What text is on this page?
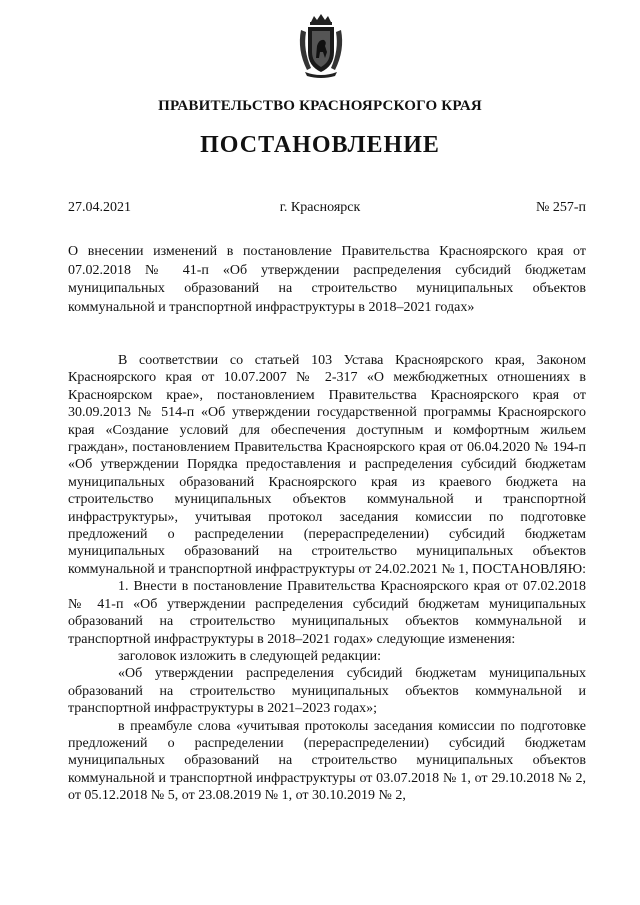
ПРАВИТЕЛЬСТВО КРАСНОЯРСКОГО КРАЯ
ПОСТАНОВЛЕНИЕ
27.04.2021	г. Красноярск	№ 257-п
О внесении изменений в постановление Правительства Красноярского края от 07.02.2018 № 41-п «Об утверждении распределения субсидий бюджетам муниципальных образований на строительство муниципальных объектов коммунальной и транспортной инфраструктуры в 2018–2021 годах»

В соответствии со статьей 103 Устава Красноярского края, Законом Красноярского края от 10.07.2007 № 2-317 «О межбюджетных отношениях в Красноярском крае», постановлением Правительства Красноярского края от 30.09.2013 № 514-п «Об утверждении государственной программы Красноярского края «Создание условий для обеспечения доступным и комфортным жильем граждан», постановлением Правительства Красноярского края от 06.04.2020 № 194-п «Об утверждении Порядка предоставления и распределения субсидий бюджетам муниципальных образований Красноярского края из краевого бюджета на строительство муниципальных объектов коммунальной и транспортной инфраструктуры», учитывая протокол заседания комиссии по подготовке предложений о распределении (перераспределении) субсидий бюджетам муниципальных образований на строительство муниципальных объектов коммунальной и транспортной инфраструктуры от 24.02.2021 № 1, ПОСТАНОВЛЯЮ:

1. Внести в постановление Правительства Красноярского края от 07.02.2018 № 41-п «Об утверждении распределения субсидий бюджетам муниципальных образований на строительство муниципальных объектов коммунальной и транспортной инфраструктуры в 2018–2021 годах» следующие изменения:

заголовок изложить в следующей редакции:

«Об утверждении распределения субсидий бюджетам муниципальных образований на строительство муниципальных объектов коммунальной и транспортной инфраструктуры в 2021–2023 годах»;

в преамбуле слова «учитывая протоколы заседания комиссии по подготовке предложений о распределении (перераспределении) субсидий бюджетам муниципальных образований на строительство муниципальных объектов коммунальной и транспортной инфраструктуры от 03.07.2018 № 1, от 29.10.2018 № 2, от 05.12.2018 № 5, от 23.08.2019 № 1, от 30.10.2019 № 2,
